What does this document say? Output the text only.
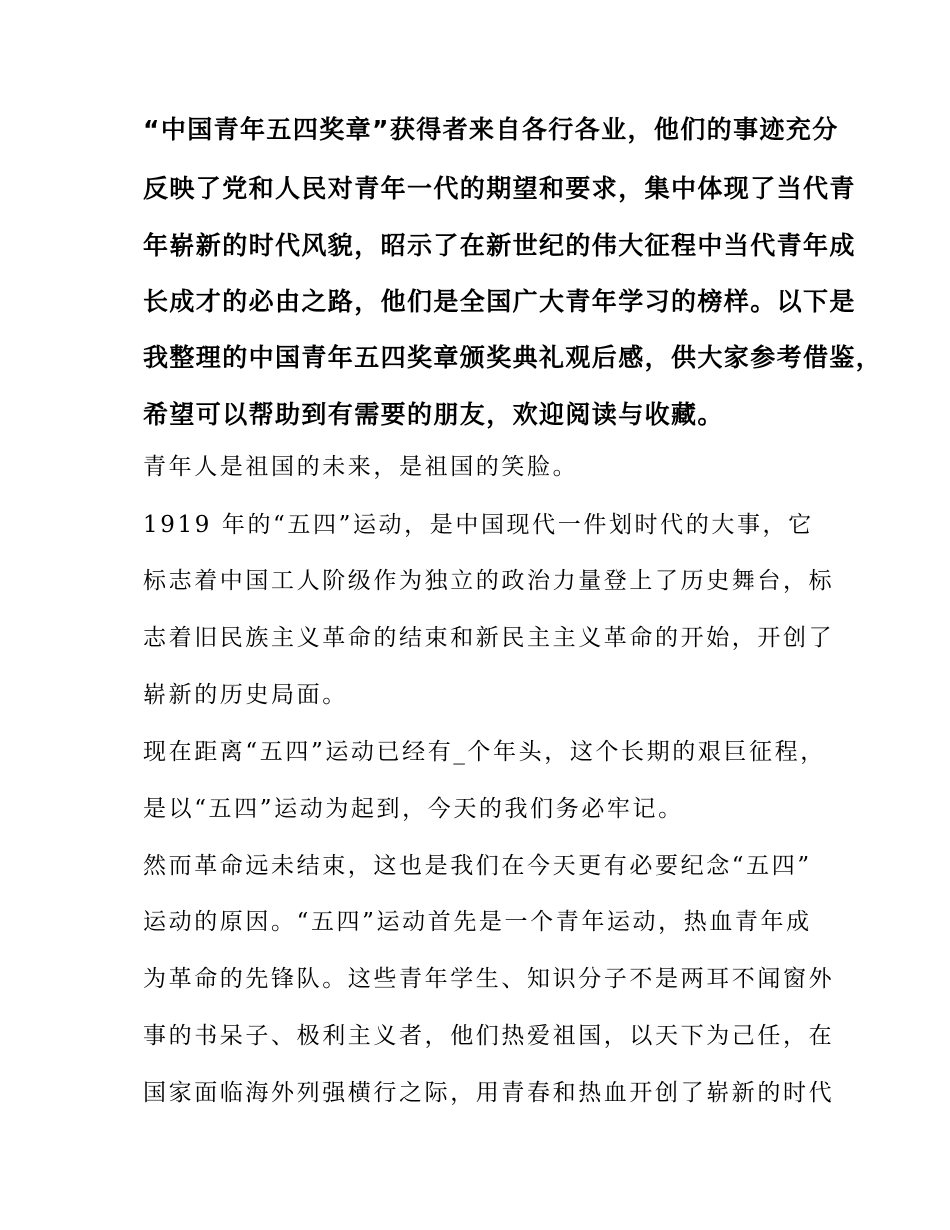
“中国青年五四奖章”获得者来自各行各业，他们的事迹充分
反映了党和人民对青年一代的期望和要求，集中体现了当代青
年崭新的时代风貌，昭示了在新世纪的伟大征程中当代青年成
长成才的必由之路，他们是全国广大青年学习的榜样。以下是
我整理的中国青年五四奖章颁奖典礼观后感，供大家参考借鉴，
希望可以帮助到有需要的朋友，欢迎阅读与收藏。
青年人是祖国的未来，是祖国的笑脸。
1919 年的“五四”运动，是中国现代一件划时代的大事，它
标志着中国工人阶级作为独立的政治力量登上了历史舞台，标
志着旧民族主义革命的结束和新民主主义革命的开始，开创了
崭新的历史局面。
现在距离“五四”运动已经有_个年头，这个长期的艰巨征程，
是以“五四”运动为起到，今天的我们务必牢记。
然而革命远未结束，这也是我们在今天更有必要纪念“五四”
运动的原因。“五四”运动首先是一个青年运动，热血青年成
为革命的先锋队。这些青年学生、知识分子不是两耳不闻窗外
事的书呆子、极利主义者，他们热爱祖国，以天下为己任，在
国家面临海外列强横行之际，用青春和热血开创了崭新的时代
